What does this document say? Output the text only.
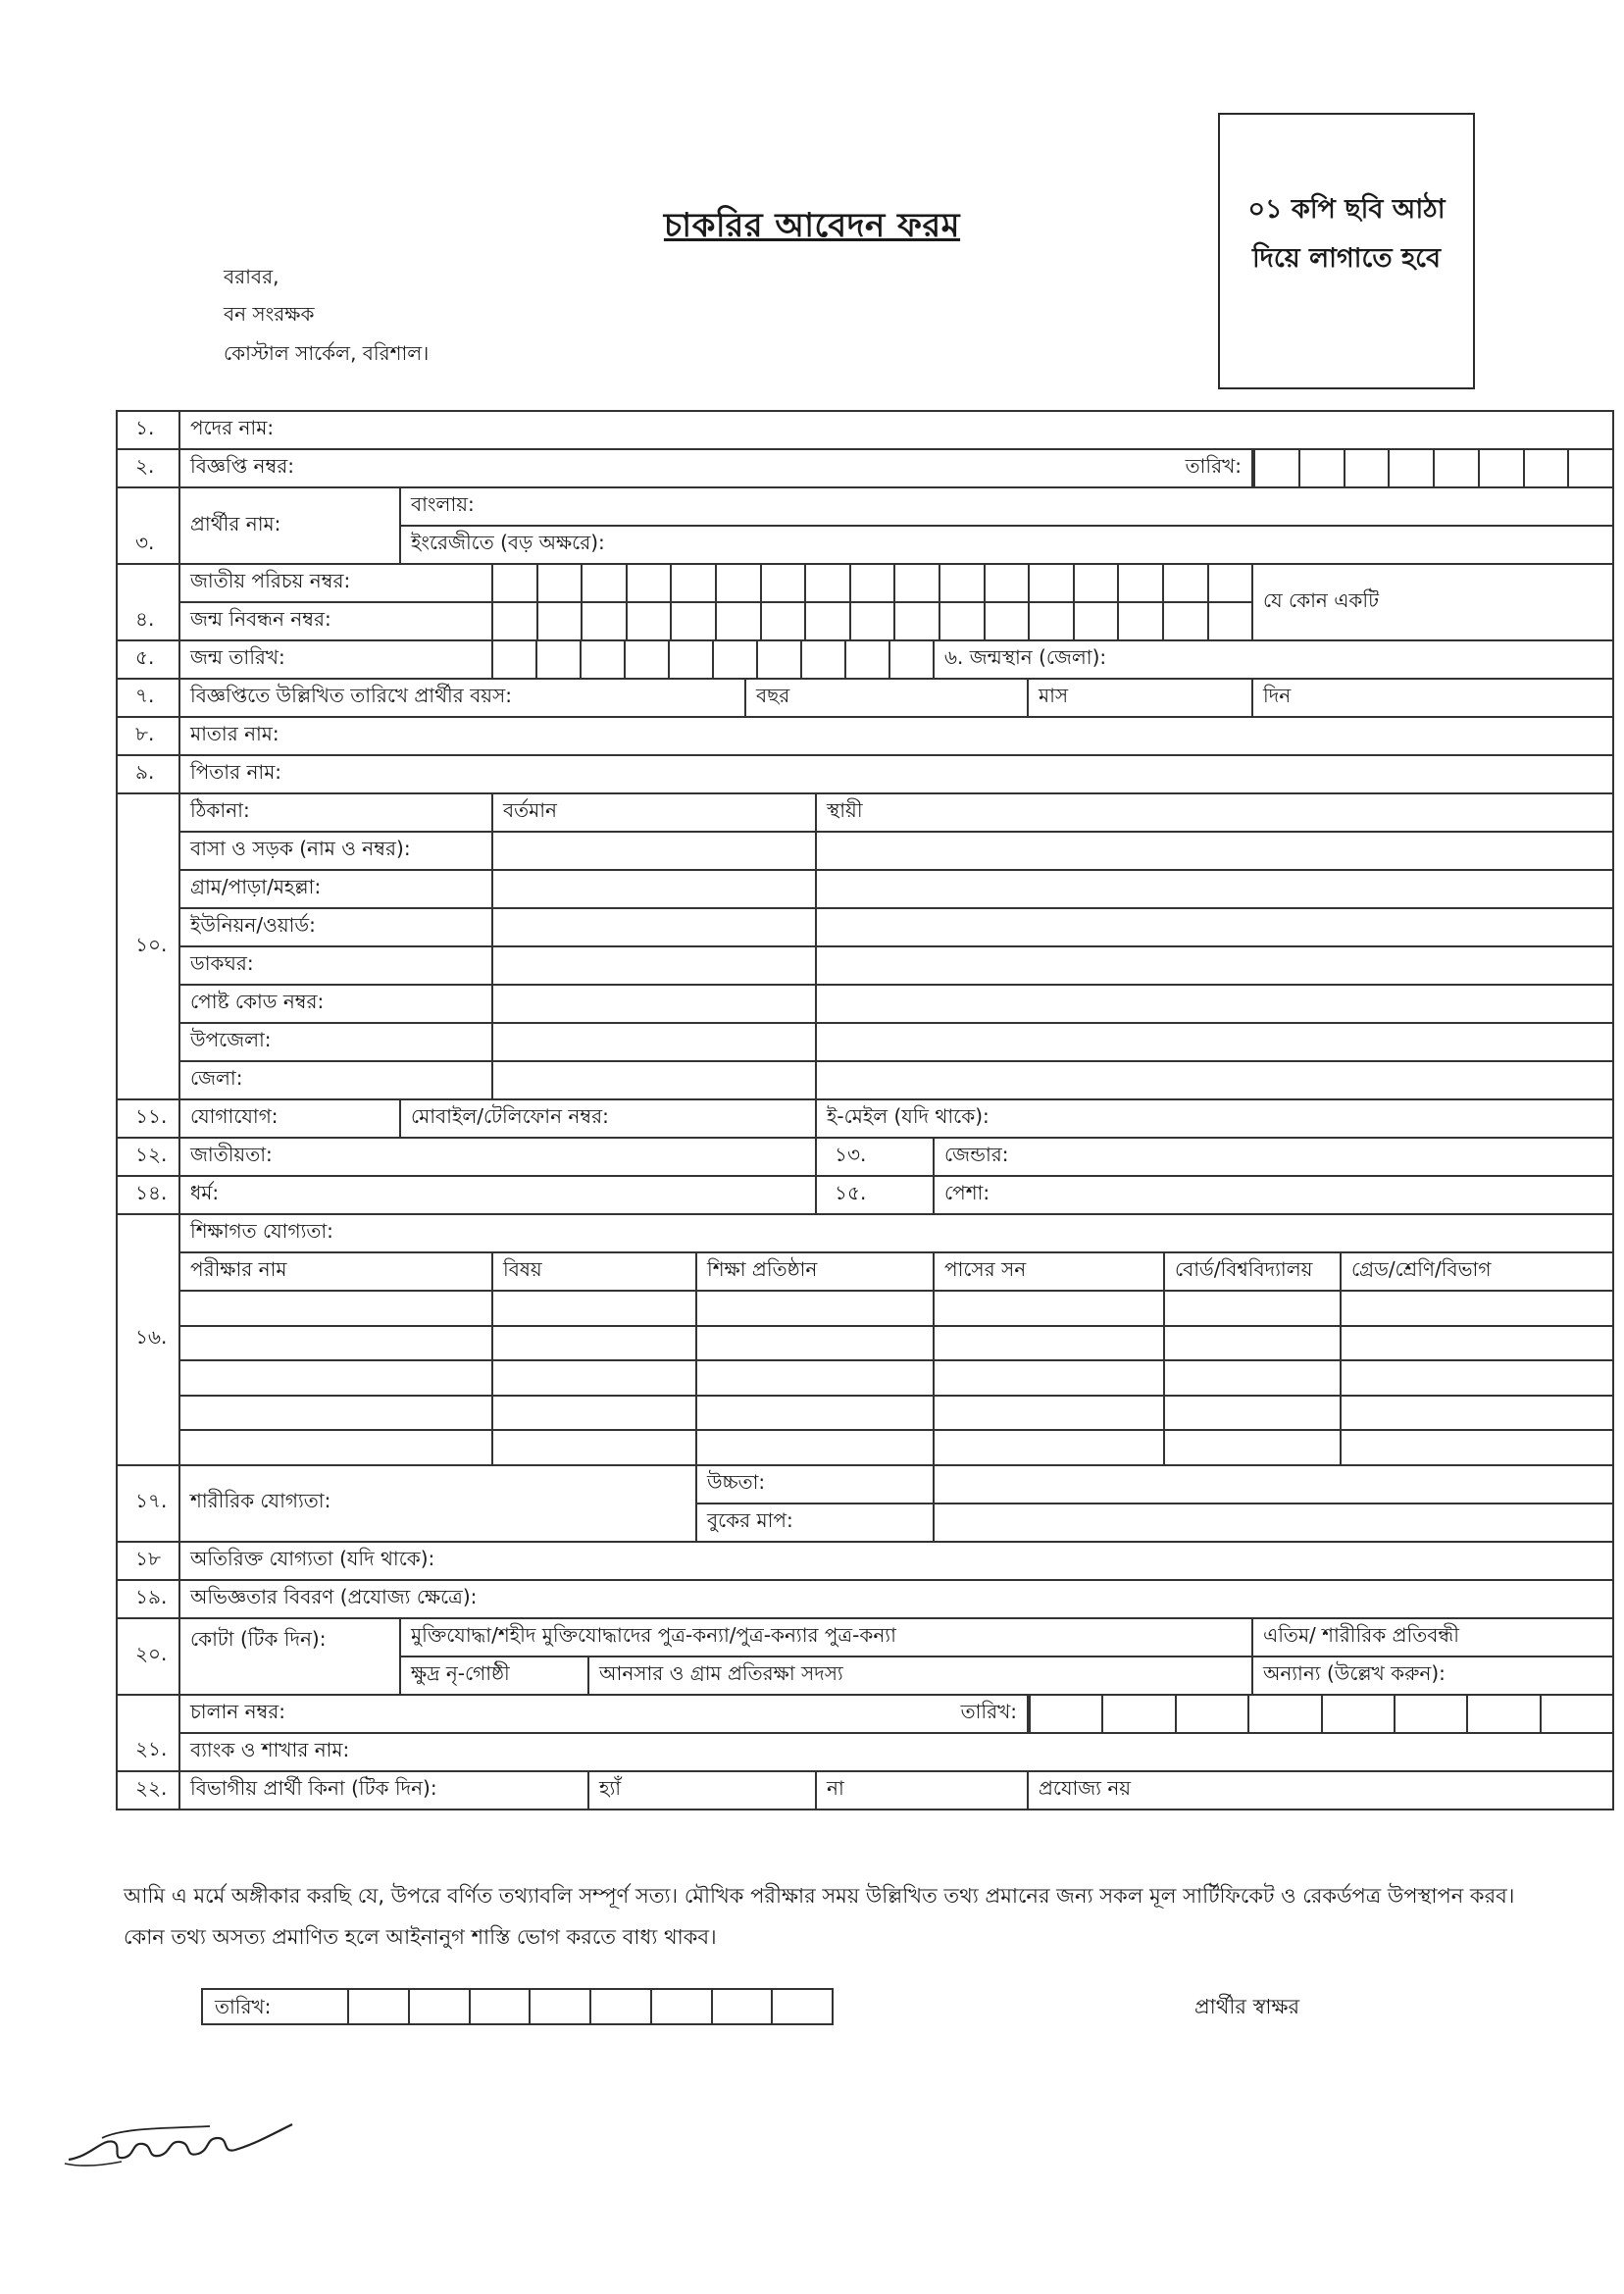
চাকরির আবেদন ফরম	০১ কপি ছবি আঠা
দিয়ে লাগাতে হবে
বরাবর,
বন সংরক্ষক
কোস্টাল সার্কেল, বরিশাল।
১.	পদের নাম:											
২.	বিজ্ঞপ্তি নম্বর:									তারিখ:		

	প্রার্থীর নাম:	বাংলায়:										
৩.		ইংরেজীতে (বড় অক্ষরে):										
	জাতীয় পরিচয় নম্বর:										যে কোন একটি	
৪.	জন্ম নিবন্ধন নম্বর:											

৫.	জন্ম তারিখ:							৬. জন্মস্থান (জেলা):				
৭.	বিজ্ঞপ্তিতে উল্লিখিত তারিখে প্রার্থীর বয়স:					বছর			মাস		দিন	
৮.	মাতার নাম:											
৯.	পিতার নাম:											
১০.	ঠিকানা:		বর্তমান				স্থায়ী					
	বাসা ও সড়ক (নাম ও নম্বর):											
	গ্রাম/পাড়া/মহল্লা:											
	ইউনিয়ন/ওয়ার্ড:											
	ডাকঘর:											
	পোষ্ট কোড নম্বর:											
	উপজেলা:											
	জেলা:											
১১.	যোগাযোগ:	মোবাইল/টেলিফোন নম্বর:					ই-মেইল (যদি থাকে):					
১২.	জাতীয়তা:						১৩.	জেন্ডার:				
১৪.	ধর্ম:						১৫.	পেশা:				
১৬.	শিক্ষাগত যোগ্যতা:											
	পরীক্ষার নাম		বিষয়		শিক্ষা প্রতিষ্ঠান			পাসের সন		বোর্ড/বিশ্ববিদ্যালয়		গ্রেড/শ্রেণি/বিভাগ

১৭.	শারীরিক যোগ্যতা:				উচ্চতা:							
					বুকের মাপ:							
১৮	অতিরিক্ত যোগ্যতা (যদি থাকে):											
১৯.	অভিজ্ঞতার বিবরণ (প্রযোজ্য ক্ষেত্রে):											
২০.	কোটা (টিক দিন):	মুক্তিযোদ্ধা/শহীদ মুক্তিযোদ্ধাদের পুত্র-কন্যা/পুত্র-কন্যার পুত্র-কন্যা									এতিম/ শারীরিক প্রতিবন্ধী	
		ক্ষুদ্র নৃ-গোষ্ঠী		আনসার ও গ্রাম প্রতিরক্ষা সদস্য							অন্যান্য (উল্লেখ করুন):	
	চালান নম্বর:						তারিখ:					

২১.	ব্যাংক ও শাখার নাম:											
২২.	বিভাগীয় প্রার্থী কিনা (টিক দিন):			হ্যাঁ			না		প্রযোজ্য নয়			
আমি এ মর্মে অঙ্গীকার করছি যে, উপরে বর্ণিত তথ্যাবলি সম্পূর্ণ সত্য। মৌখিক পরীক্ষার সময় উল্লিখিত তথ্য প্রমানের জন্য সকল মূল সার্টিফিকেট ও রেকর্ডপত্র উপস্থাপন করব। কোন তথ্য অসত্য প্রমাণিত হলে আইনানুগ শাস্তি ভোগ করতে বাধ্য থাকব।
তারিখ:	প্রার্থীর স্বাক্ষর
